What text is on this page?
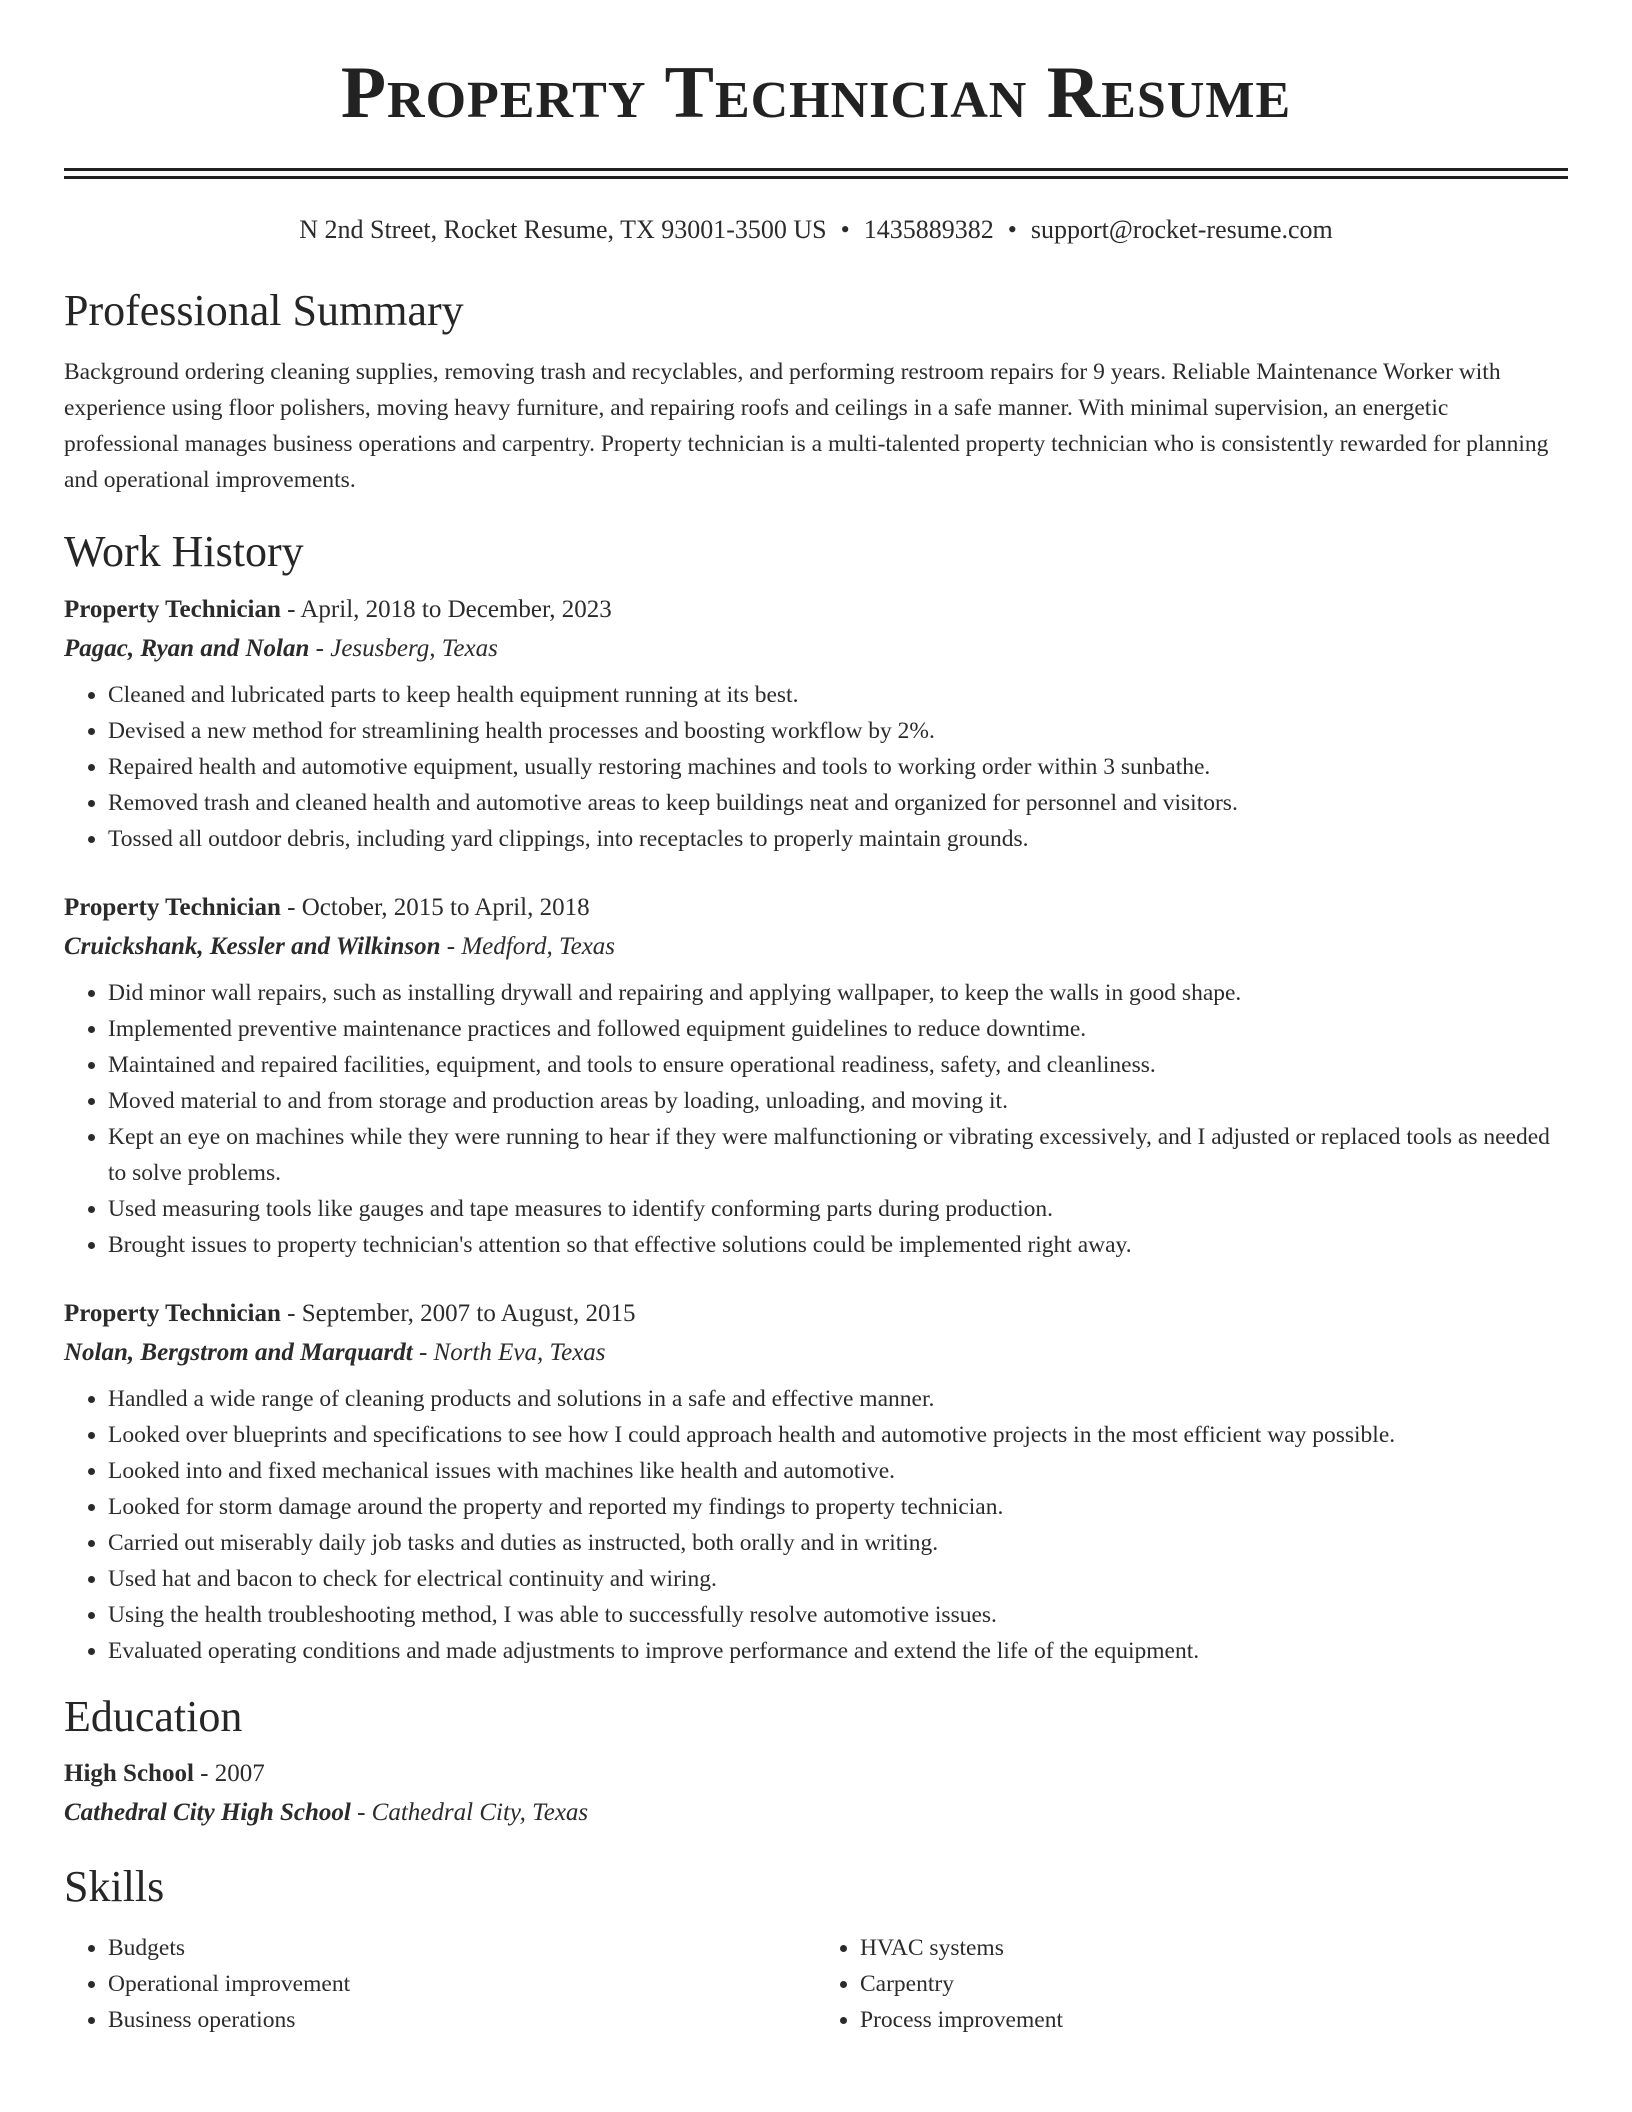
Property Technician Resume
N 2nd Street, Rocket Resume, TX 93001-3500 US • 1435889382 • support@rocket-resume.com
Professional Summary

Background ordering cleaning supplies, removing trash and recyclables, and performing restroom repairs for 9 years. Reliable Maintenance Worker with experience using floor polishers, moving heavy furniture, and repairing roofs and ceilings in a safe manner. With minimal supervision, an energetic professional manages business operations and carpentry. Property technician is a multi-talented property technician who is consistently rewarded for planning and operational improvements.

Work History

Property Technician - April, 2018 to December, 2023

Pagac, Ryan and Nolan - Jesusberg, Texas

• Cleaned and lubricated parts to keep health equipment running at its best.
• Devised a new method for streamlining health processes and boosting workflow by 2%.
• Repaired health and automotive equipment, usually restoring machines and tools to working order within 3 sunbathe.
• Removed trash and cleaned health and automotive areas to keep buildings neat and organized for personnel and visitors.
• Tossed all outdoor debris, including yard clippings, into receptacles to properly maintain grounds.

Property Technician - October, 2015 to April, 2018

Cruickshank, Kessler and Wilkinson - Medford, Texas

• Did minor wall repairs, such as installing drywall and repairing and applying wallpaper, to keep the walls in good shape.
• Implemented preventive maintenance practices and followed equipment guidelines to reduce downtime.
• Maintained and repaired facilities, equipment, and tools to ensure operational readiness, safety, and cleanliness.
• Moved material to and from storage and production areas by loading, unloading, and moving it.
• Kept an eye on machines while they were running to hear if they were malfunctioning or vibrating excessively, and I adjusted or replaced tools as needed to solve problems.
• Used measuring tools like gauges and tape measures to identify conforming parts during production.
• Brought issues to property technician's attention so that effective solutions could be implemented right away.

Property Technician - September, 2007 to August, 2015

Nolan, Bergstrom and Marquardt - North Eva, Texas

• Handled a wide range of cleaning products and solutions in a safe and effective manner.
• Looked over blueprints and specifications to see how I could approach health and automotive projects in the most efficient way possible.
• Looked into and fixed mechanical issues with machines like health and automotive.
• Looked for storm damage around the property and reported my findings to property technician.
• Carried out miserably daily job tasks and duties as instructed, both orally and in writing.
• Used hat and bacon to check for electrical continuity and wiring.
• Using the health troubleshooting method, I was able to successfully resolve automotive issues.
• Evaluated operating conditions and made adjustments to improve performance and extend the life of the equipment.
Education

High School - 2007

Cathedral City High School - Cathedral City, Texas

Skills
• Budgets
• Operational improvement
• Business operations
• HVAC systems
• Carpentry
• Process improvement
